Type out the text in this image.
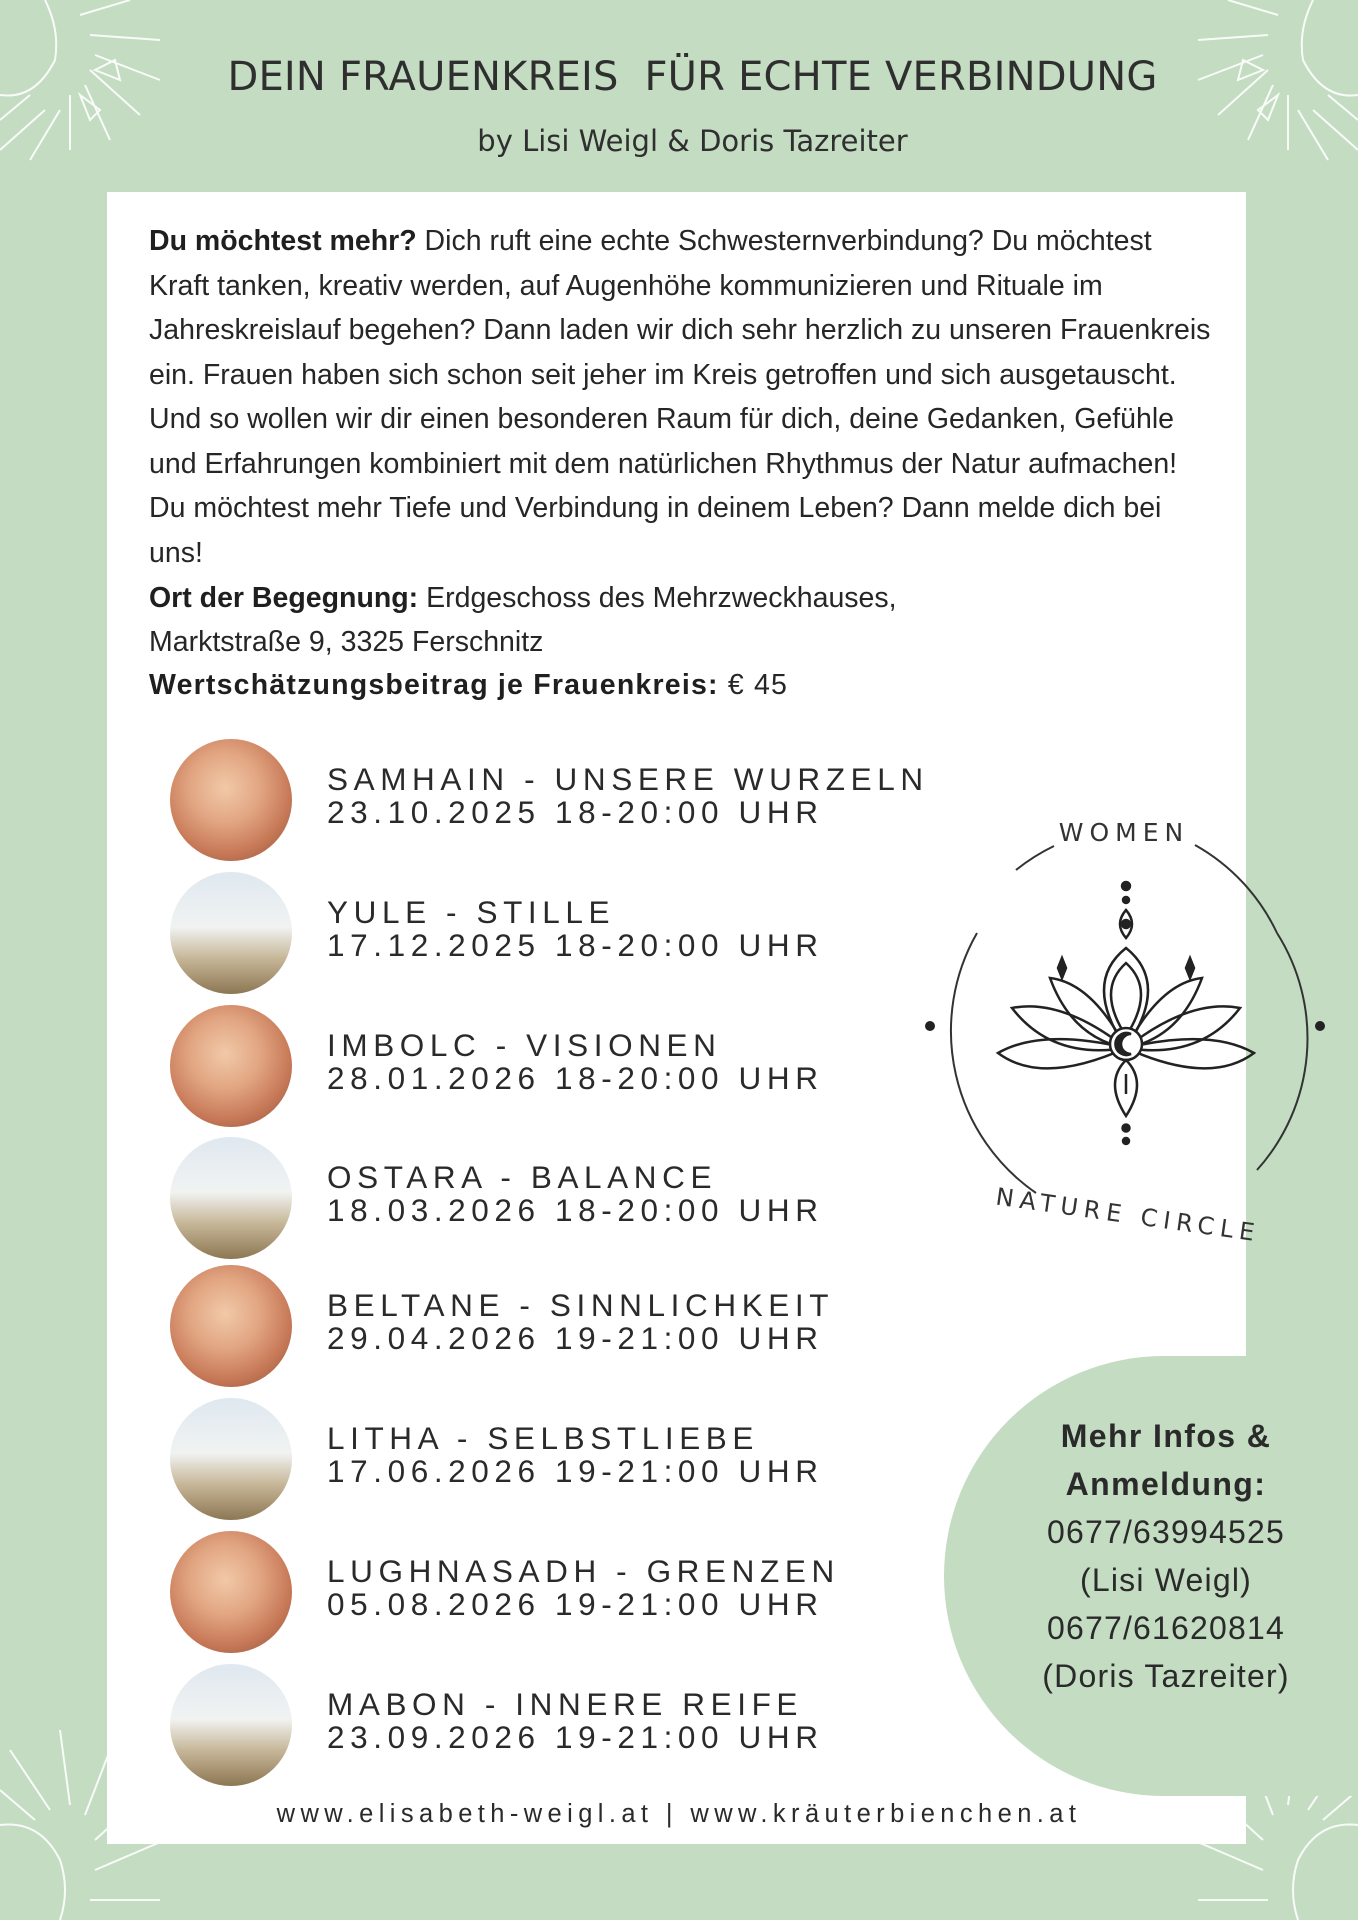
DEIN FRAUENKREIS  FÜR ECHTE VERBINDUNG
by Lisi Weigl & Doris Tazreiter
Du möchtest mehr? Dich ruft eine echte Schwesternverbindung? Du möchtest Kraft tanken, kreativ werden, auf Augenhöhe kommunizieren und Rituale im Jahreskreislauf begehen? Dann laden wir dich sehr herzlich zu unseren Frauenkreis ein. Frauen haben sich schon seit jeher im Kreis getroffen und sich ausgetauscht. Und so wollen wir dir einen besonderen Raum für dich, deine Gedanken, Gefühle und Erfahrungen kombiniert mit dem natürlichen Rhythmus der Natur aufmachen! Du möchtest mehr Tiefe und Verbindung in deinem Leben? Dann melde dich bei uns!
Ort der Begegnung: Erdgeschoss des Mehrzweckhauses,
Marktstraße 9, 3325 Ferschnitz
Wertschätzungsbeitrag je Frauenkreis: € 45
SAMHAIN - UNSERE WURZELN
23.10.2025 18-20:00 UHR
YULE - STILLE
17.12.2025 18-20:00 UHR
IMBOLC - VISIONEN
28.01.2026 18-20:00 UHR
OSTARA - BALANCE
18.03.2026 18-20:00 UHR
BELTANE - SINNLICHKEIT
29.04.2026 19-21:00 UHR
LITHA - SELBSTLIEBE
17.06.2026 19-21:00 UHR
LUGHNASADH - GRENZEN
05.08.2026 19-21:00 UHR
MABON - INNERE REIFE
23.09.2026 19-21:00 UHR
WOMEN
NATURE CIRCLE
Mehr Infos &
Anmeldung:
0677/63994525
(Lisi Weigl)
0677/61620814
(Doris Tazreiter)
www.elisabeth-weigl.at | www.kräuterbienchen.at
